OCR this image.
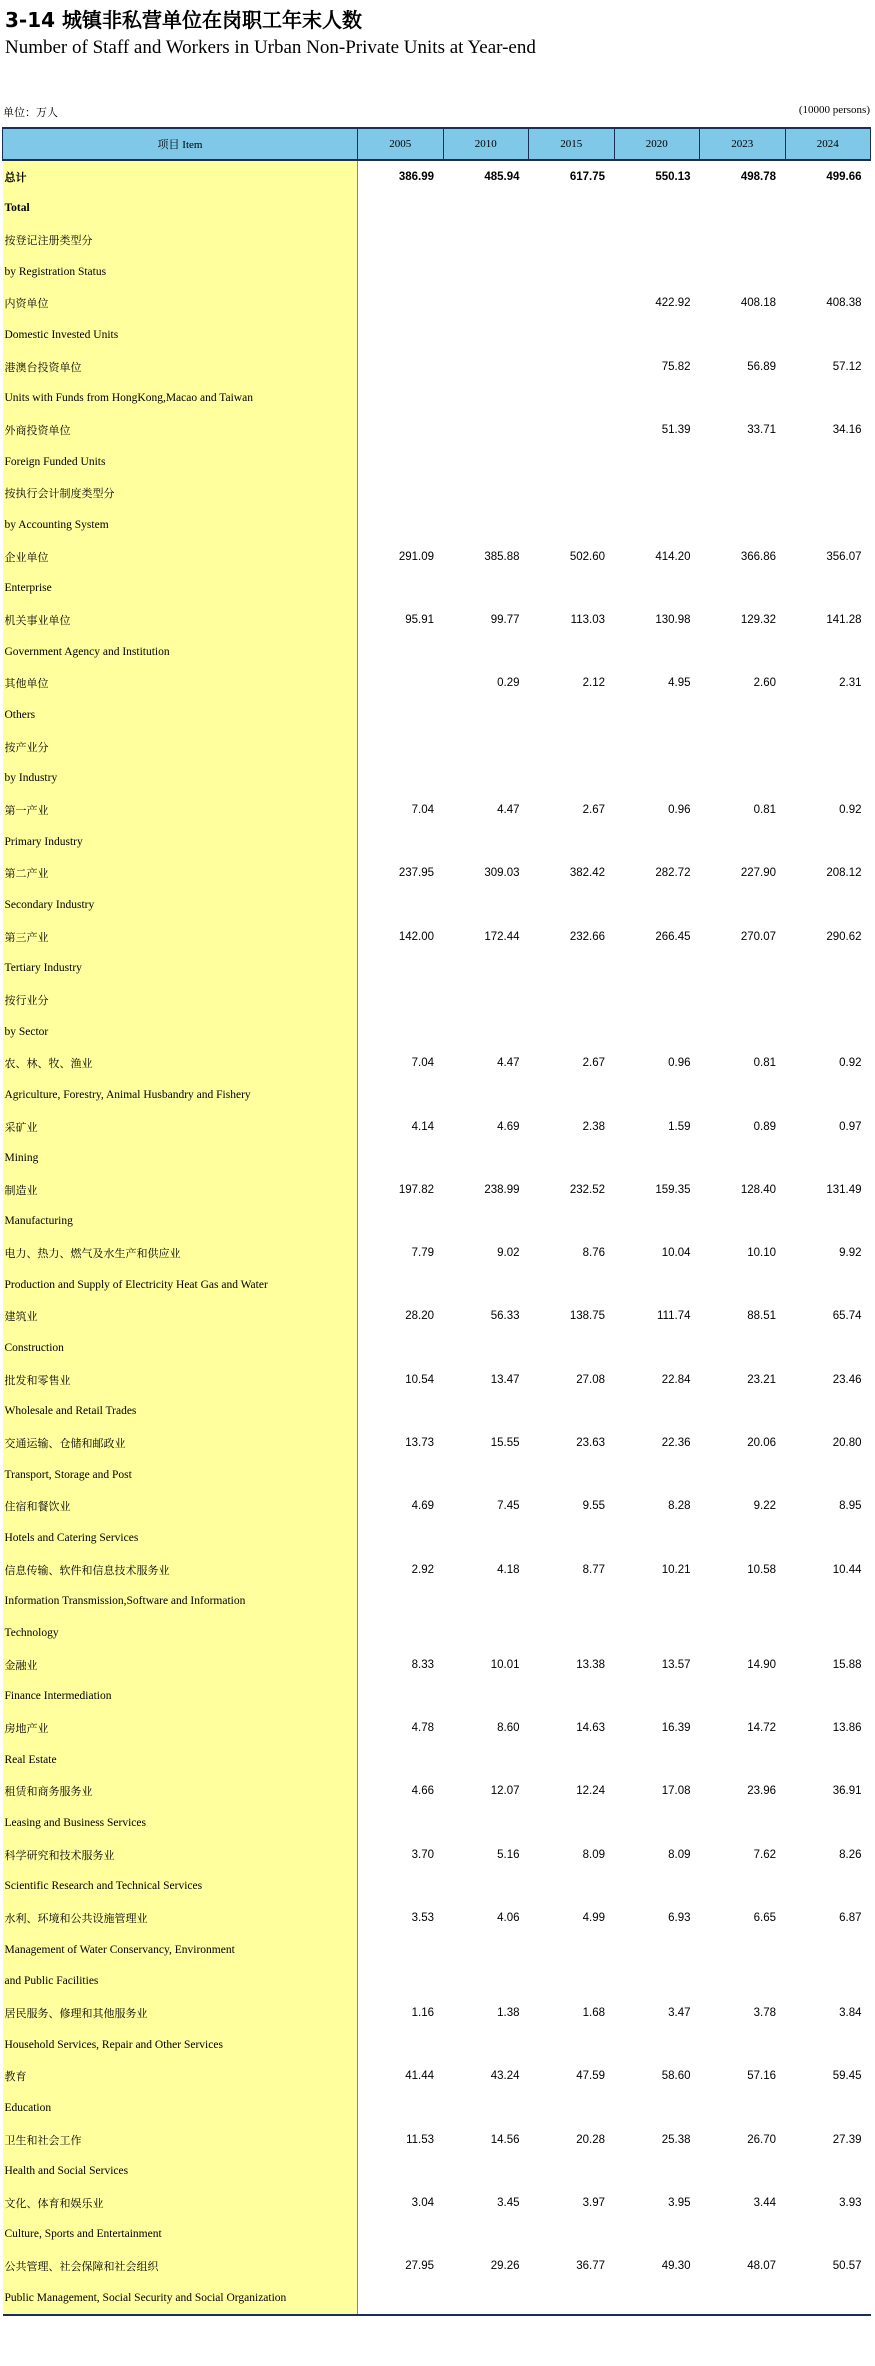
3-14 城镇非私营单位在岗职工年末人数
Number of Staff and Workers in Urban Non-Private Units at Year-end
单位：万人	(10000 persons)
项目 Item	2005	2010	2015	2020	2023	2024
总计	386.99	485.94	617.75	550.13	498.78	499.66
Total						
按登记注册类型分						
by Registration Status						
内资单位				422.92	408.18	408.38
Domestic Invested Units						
港澳台投资单位				75.82	56.89	57.12
Units with Funds from HongKong,Macao and Taiwan						
外商投资单位				51.39	33.71	34.16
Foreign Funded Units						
按执行会计制度类型分						
by Accounting System						
企业单位	291.09	385.88	502.60	414.20	366.86	356.07
Enterprise						
机关事业单位	95.91	99.77	113.03	130.98	129.32	141.28
Government Agency and Institution						
其他单位		0.29	2.12	4.95	2.60	2.31
Others						
按产业分						
by Industry						
第一产业	7.04	4.47	2.67	0.96	0.81	0.92
Primary Industry						
第二产业	237.95	309.03	382.42	282.72	227.90	208.12
Secondary Industry						
第三产业	142.00	172.44	232.66	266.45	270.07	290.62
Tertiary Industry						
按行业分						
by Sector						
农、林、牧、渔业	7.04	4.47	2.67	0.96	0.81	0.92
Agriculture, Forestry, Animal Husbandry and Fishery						
采矿业	4.14	4.69	2.38	1.59	0.89	0.97
Mining						
制造业	197.82	238.99	232.52	159.35	128.40	131.49
Manufacturing						
电力、热力、燃气及水生产和供应业	7.79	9.02	8.76	10.04	10.10	9.92
Production and Supply of Electricity Heat Gas and Water						
建筑业	28.20	56.33	138.75	111.74	88.51	65.74
Construction						
批发和零售业	10.54	13.47	27.08	22.84	23.21	23.46
Wholesale and Retail Trades						
交通运输、仓储和邮政业	13.73	15.55	23.63	22.36	20.06	20.80
Transport, Storage and Post						
住宿和餐饮业	4.69	7.45	9.55	8.28	9.22	8.95
Hotels and Catering Services						
信息传输、软件和信息技术服务业	2.92	4.18	8.77	10.21	10.58	10.44
Information Transmission,Software and Information						
Technology						
金融业	8.33	10.01	13.38	13.57	14.90	15.88
Finance Intermediation						
房地产业	4.78	8.60	14.63	16.39	14.72	13.86
Real Estate						
租赁和商务服务业	4.66	12.07	12.24	17.08	23.96	36.91
Leasing and Business Services						
科学研究和技术服务业	3.70	5.16	8.09	8.09	7.62	8.26
Scientific Research and Technical Services						
水利、环境和公共设施管理业	3.53	4.06	4.99	6.93	6.65	6.87
Management of Water Conservancy, Environment						
and Public Facilities						
居民服务、修理和其他服务业	1.16	1.38	1.68	3.47	3.78	3.84
Household Services, Repair and Other Services						
教育	41.44	43.24	47.59	58.60	57.16	59.45
Education						
卫生和社会工作	11.53	14.56	20.28	25.38	26.70	27.39
Health and Social Services						
文化、体育和娱乐业	3.04	3.45	3.97	3.95	3.44	3.93
Culture, Sports and Entertainment						
公共管理、社会保障和社会组织	27.95	29.26	36.77	49.30	48.07	50.57
Public Management, Social Security and Social Organization						
